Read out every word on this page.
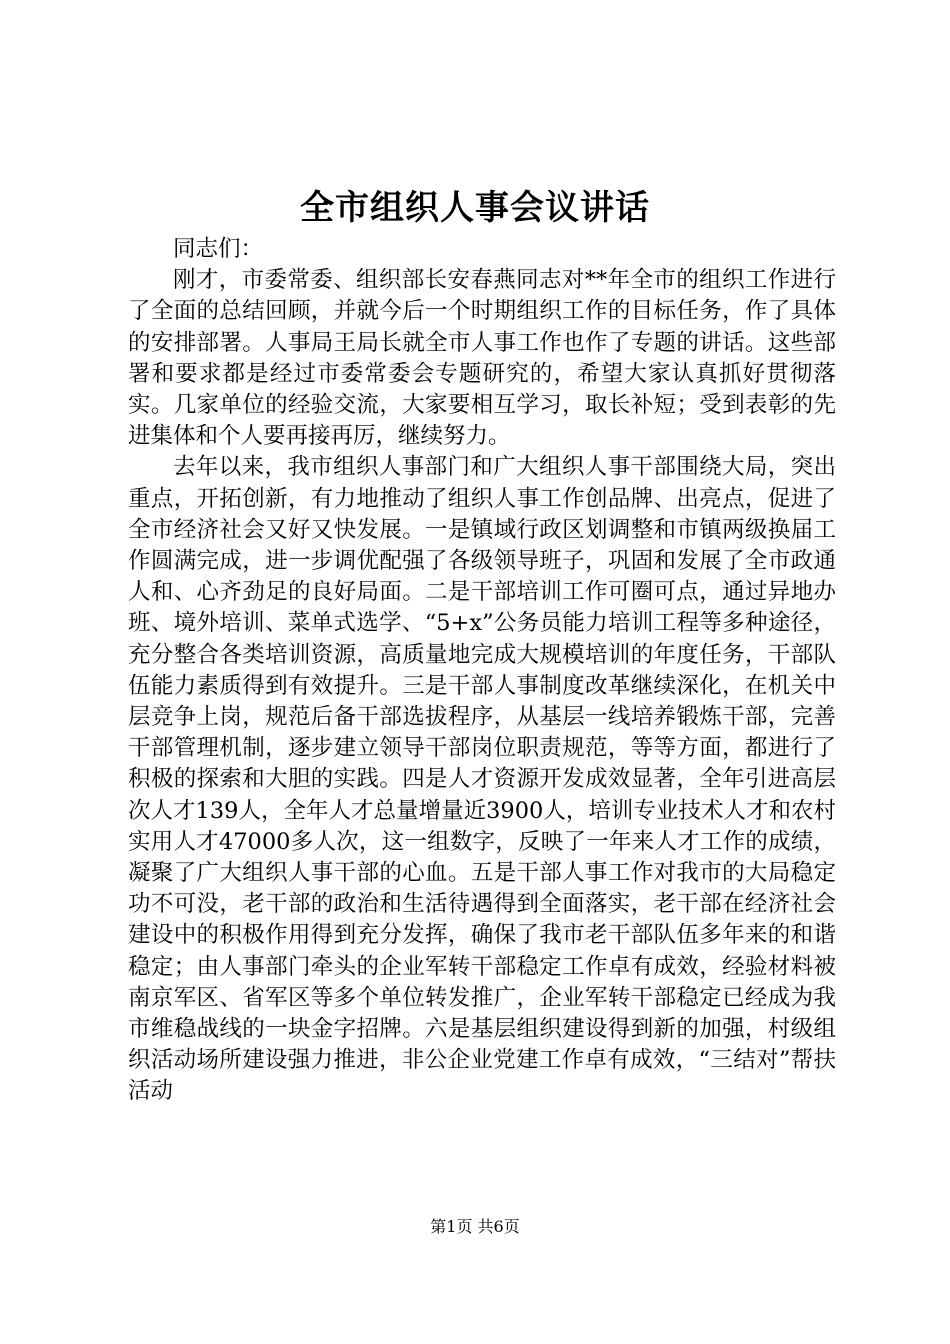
全市组织人事会议讲话

同志们：

刚才，市委常委、组织部长安春燕同志对**年全市的组织工作进行了全面的总结回顾，并就今后一个时期组织工作的目标任务，作了具体的安排部署。人事局王局长就全市人事工作也作了专题的讲话。这些部署和要求都是经过市委常委会专题研究的，希望大家认真抓好贯彻落实。几家单位的经验交流，大家要相互学习，取长补短；受到表彰的先进集体和个人要再接再厉，继续努力。

去年以来，我市组织人事部门和广大组织人事干部围绕大局，突出重点，开拓创新，有力地推动了组织人事工作创品牌、出亮点，促进了全市经济社会又好又快发展。一是镇域行政区划调整和市镇两级换届工作圆满完成，进一步调优配强了各级领导班子，巩固和发展了全市政通人和、心齐劲足的良好局面。二是干部培训工作可圈可点，通过异地办班、境外培训、菜单式选学、“5+x”公务员能力培训工程等多种途径，充分整合各类培训资源，高质量地完成大规模培训的年度任务，干部队伍能力素质得到有效提升。三是干部人事制度改革继续深化，在机关中层竞争上岗，规范后备干部选拔程序，从基层一线培养锻炼干部，完善干部管理机制，逐步建立领导干部岗位职责规范，等等方面，都进行了积极的探索和大胆的实践。四是人才资源开发成效显著，全年引进高层次人才139人，全年人才总量增量近3900人，培训专业技术人才和农村实用人才47000多人次，这一组数字，反映了一年来人才工作的成绩，凝聚了广大组织人事干部的心血。五是干部人事工作对我市的大局稳定功不可没，老干部的政治和生活待遇得到全面落实，老干部在经济社会建设中的积极作用得到充分发挥，确保了我市老干部队伍多年来的和谐稳定；由人事部门牵头的企业军转干部稳定工作卓有成效，经验材料被南京军区、省军区等多个单位转发推广，企业军转干部稳定已经成为我市维稳战线的一块金字招牌。六是基层组织建设得到新的加强，村级组织活动场所建设强力推进，非公企业党建工作卓有成效，“三结对”帮扶活动

第1页 共6页
